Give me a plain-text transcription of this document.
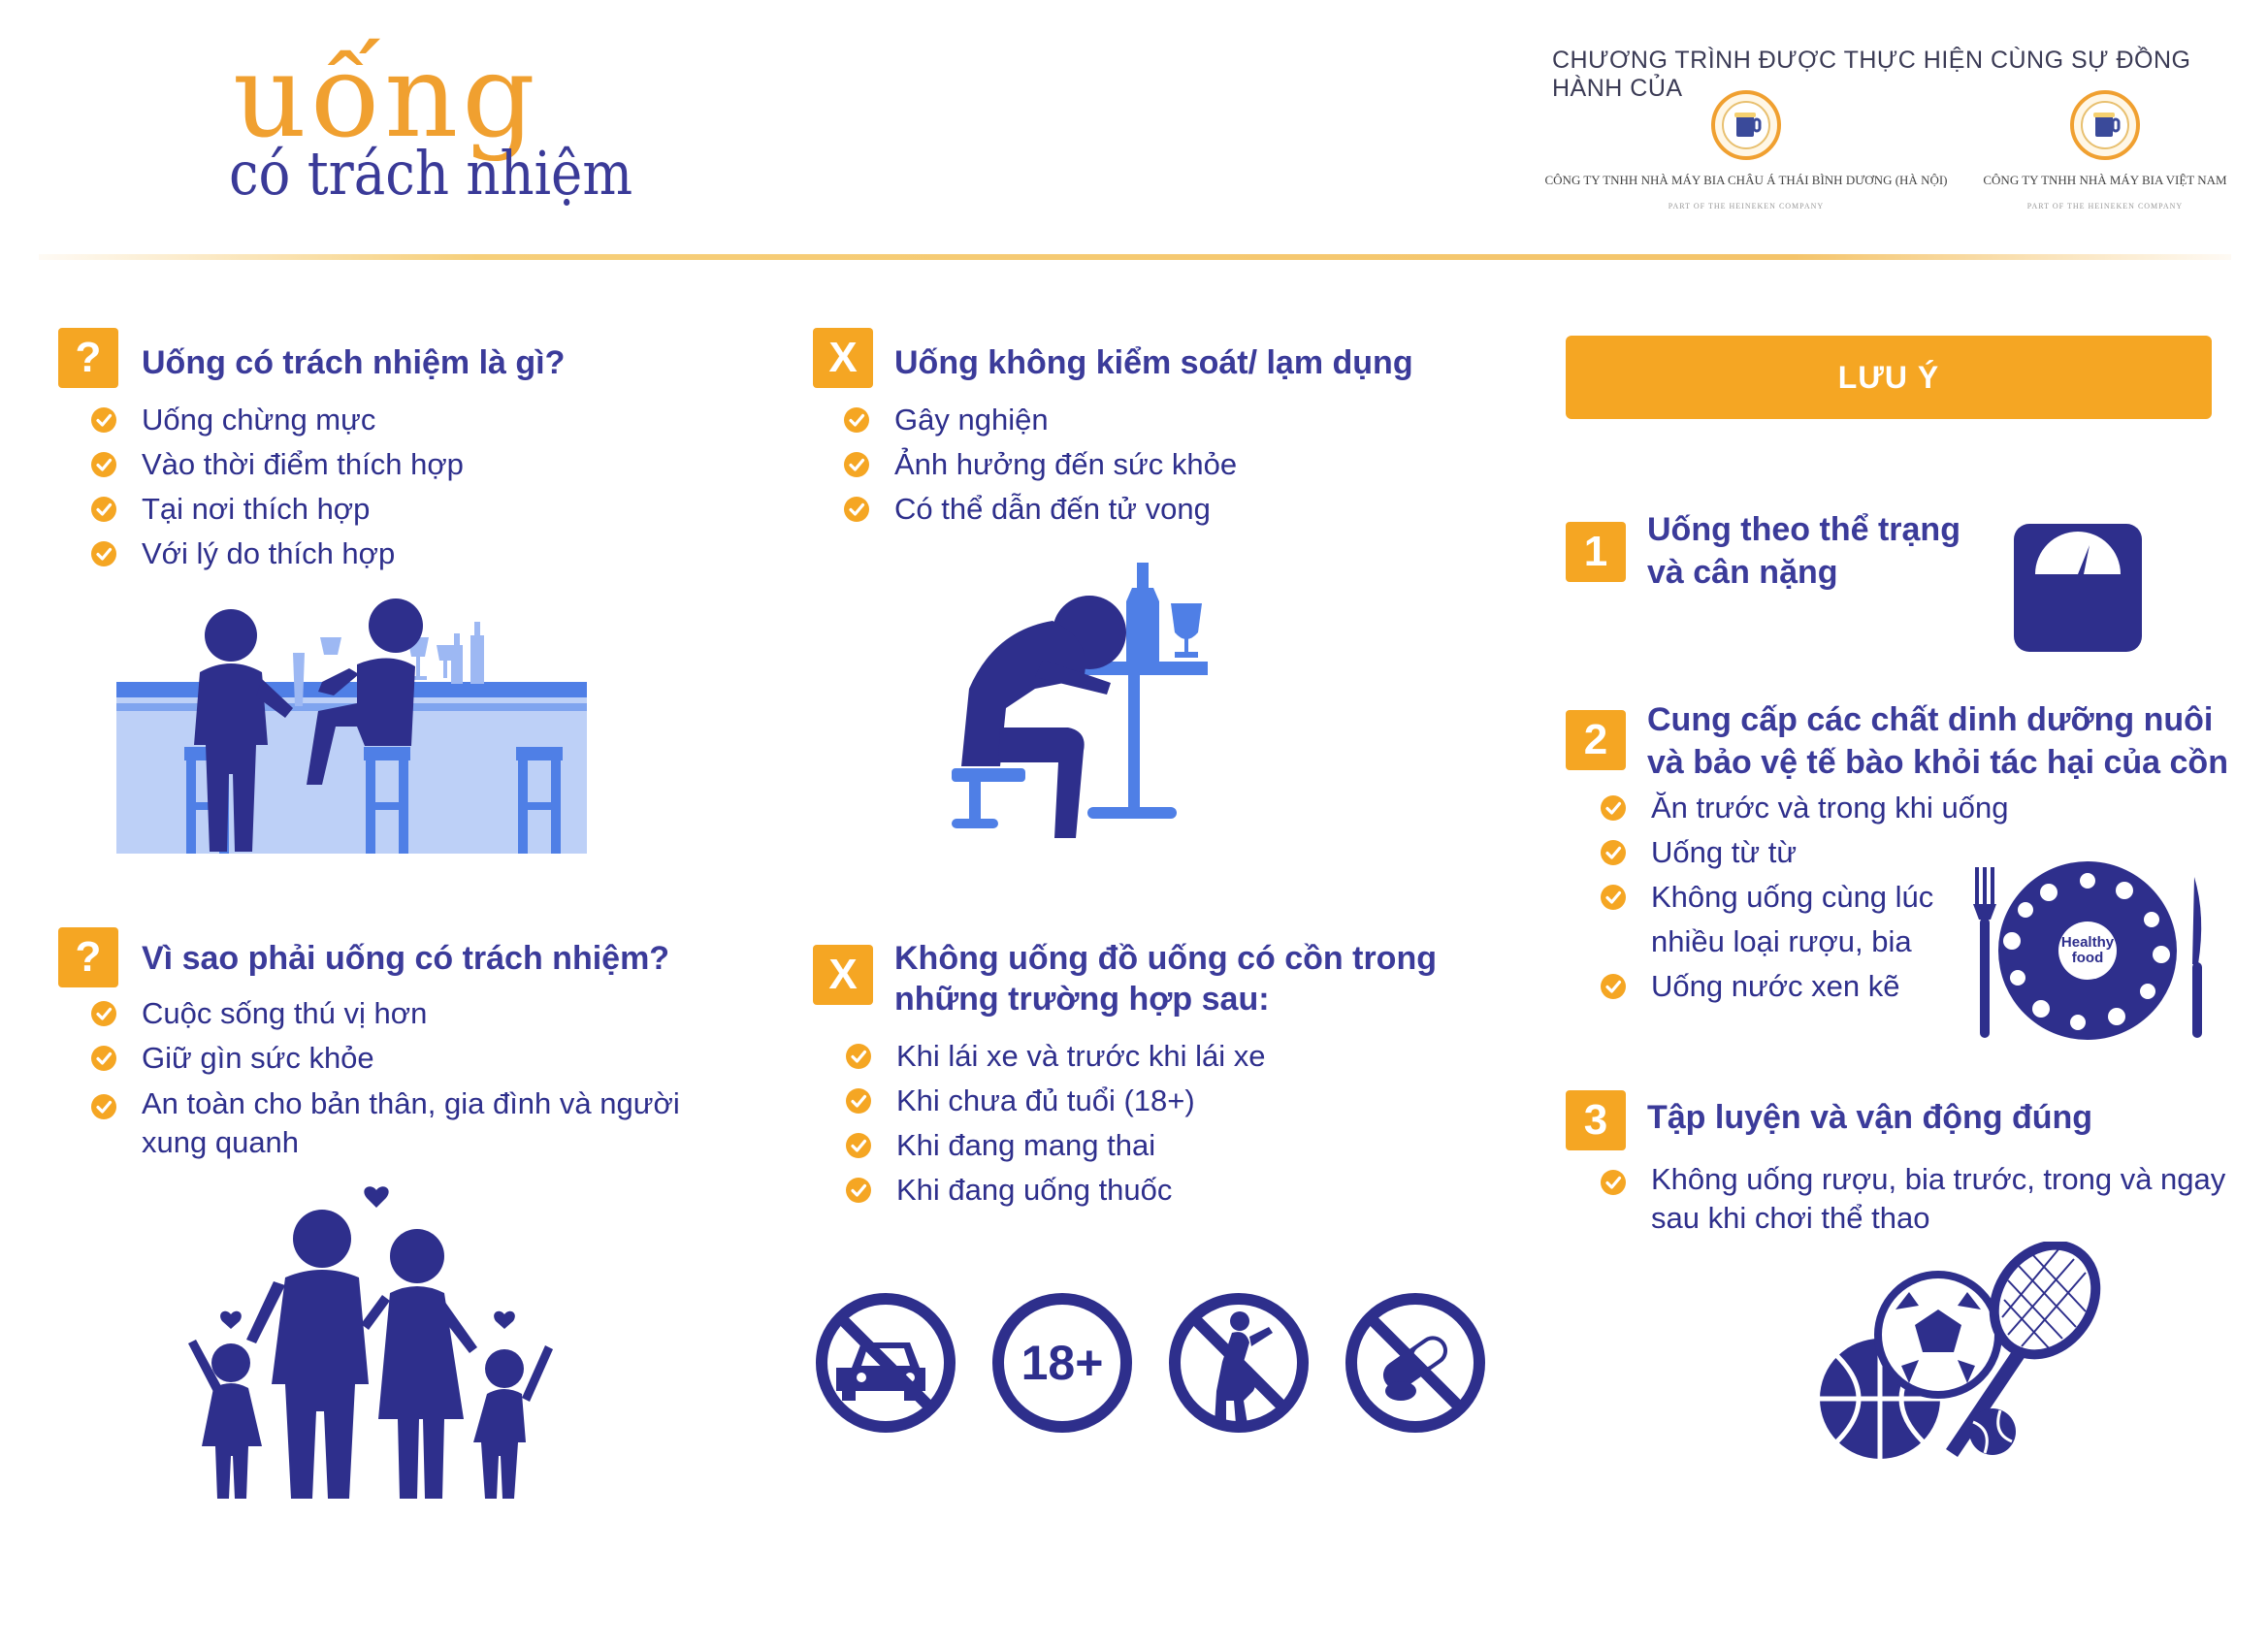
uống
có trách nhiệm
CHƯƠNG TRÌNH ĐƯỢC THỰC HIỆN CÙNG SỰ ĐỒNG HÀNH CỦA
CÔNG TY TNHH NHÀ MÁY BIA CHÂU Á THÁI BÌNH DƯƠNG (HÀ NỘI)
PART OF THE HEINEKEN COMPANY
CÔNG TY TNHH NHÀ MÁY BIA VIỆT NAM
PART OF THE HEINEKEN COMPANY
?	Uống có trách nhiệm là gì?
Uống chừng mực
Vào thời điểm thích hợp
Tại nơi thích hợp
Với lý do thích hợp
?	Vì sao phải uống có trách nhiệm?
Cuộc sống thú vị hơn
Giữ gìn sức khỏe
An toàn cho bản thân, gia đình và người
xung quanh
X	Uống không kiểm soát/ lạm dụng
Gây nghiện
Ảnh hưởng đến sức khỏe
Có thể dẫn đến tử vong
X	Không uống đồ uống có cồn trong
những trường hợp sau:
Khi lái xe và trước khi lái xe
Khi chưa đủ tuổi (18+)
Khi đang mang thai
Khi đang uống thuốc
18+
LƯU Ý
1	Uống theo thể trạng
và cân nặng
2	Cung cấp các chất dinh dưỡng nuôi
và bảo vệ tế bào khỏi tác hại của cồn
Ăn trước và trong khi uống
Uống từ từ
Không uống cùng lúc
nhiều loại rượu, bia
Uống nước xen kẽ
Healthy
food
3	Tập luyện và vận động đúng
Không uống rượu, bia trước, trong và ngay
sau khi chơi thể thao
